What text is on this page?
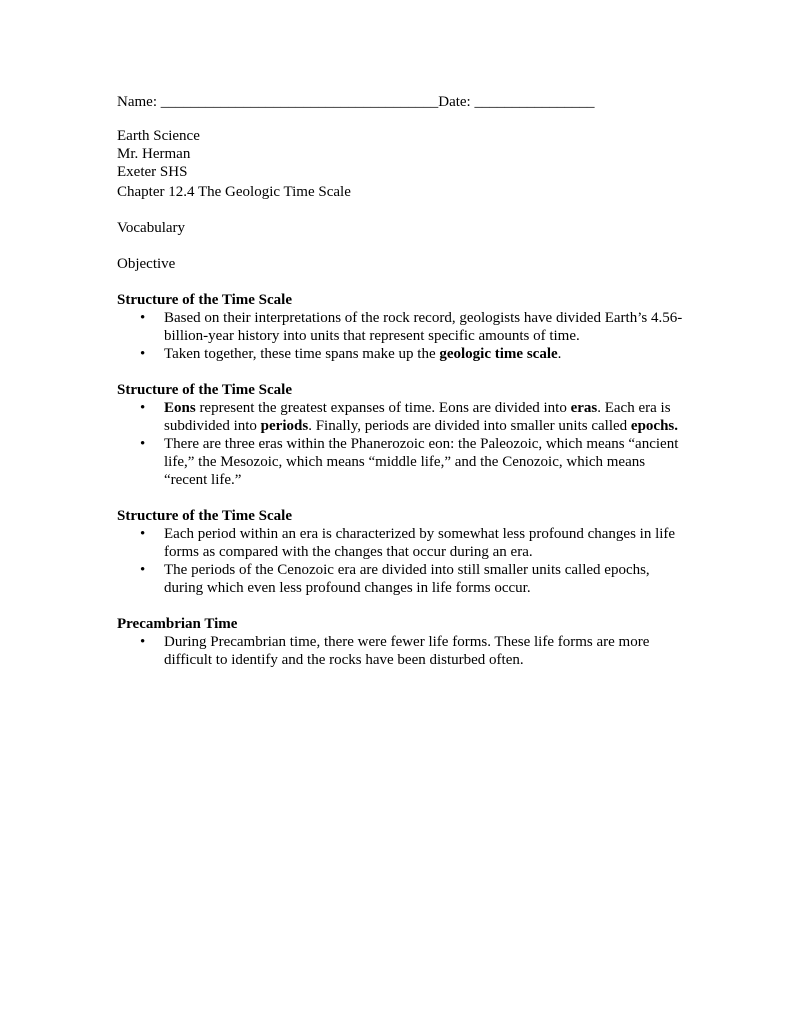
Name: _____________________________________Date: ________________
Earth Science
Mr. Herman
Exeter SHS
Chapter 12.4 The Geologic Time Scale
Vocabulary
Objective
Structure of the Time Scale
• Based on their interpretations of the rock record, geologists have divided Earth’s 4.56-billion-year history into units that represent specific amounts of time.
• Taken together, these time spans make up the geologic time scale.
Structure of the Time Scale
• Eons represent the greatest expanses of time. Eons are divided into eras. Each era is subdivided into periods. Finally, periods are divided into smaller units called epochs.
• There are three eras within the Phanerozoic eon: the Paleozoic, which means “ancient life,” the Mesozoic, which means “middle life,” and the Cenozoic, which means “recent life.”
Structure of the Time Scale
• Each period within an era is characterized by somewhat less profound changes in life forms as compared with the changes that occur during an era.
• The periods of the Cenozoic era are divided into still smaller units called epochs, during which even less profound changes in life forms occur.
Precambrian Time
• During Precambrian time, there were fewer life forms. These life forms are more difficult to identify and the rocks have been disturbed often.
